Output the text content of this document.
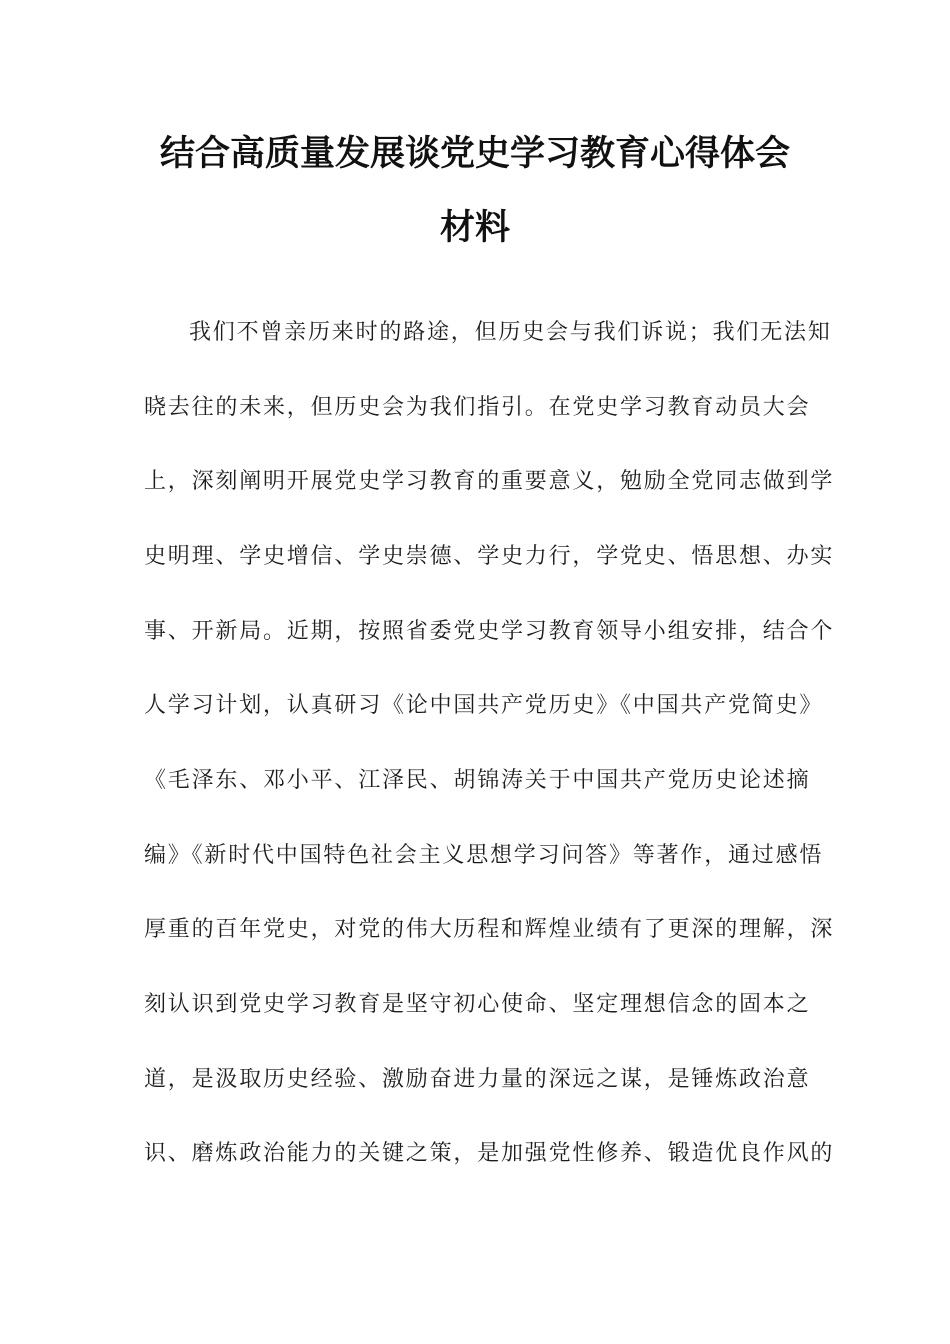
结合高质量发展谈党史学习教育心得体会
材料
我们不曾亲历来时的路途，但历史会与我们诉说；我们无法知
晓去往的未来，但历史会为我们指引。在党史学习教育动员大会
上，深刻阐明开展党史学习教育的重要意义，勉励全党同志做到学
史明理、学史增信、学史崇德、学史力行，学党史、悟思想、办实
事、开新局。近期，按照省委党史学习教育领导小组安排，结合个
人学习计划，认真研习《论中国共产党历史》《中国共产党简史》
《毛泽东、邓小平、江泽民、胡锦涛关于中国共产党历史论述摘
编》《新时代中国特色社会主义思想学习问答》等著作，通过感悟
厚重的百年党史，对党的伟大历程和辉煌业绩有了更深的理解，深
刻认识到党史学习教育是坚守初心使命、坚定理想信念的固本之
道，是汲取历史经验、激励奋进力量的深远之谋，是锤炼政治意
识、磨炼政治能力的关键之策，是加强党性修养、锻造优良作风的
